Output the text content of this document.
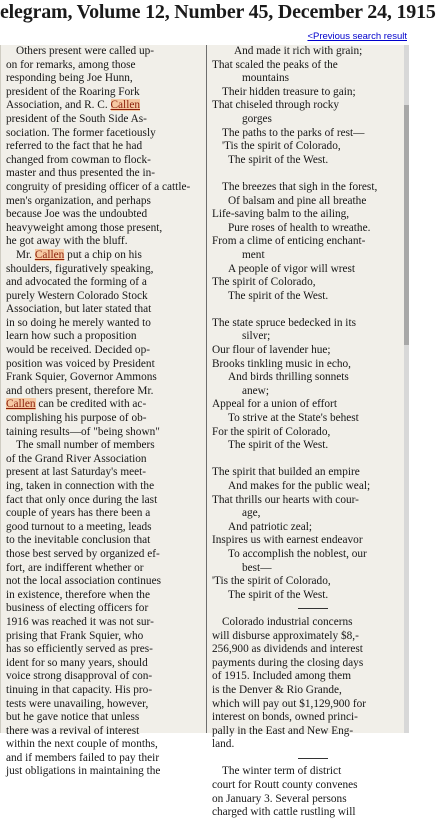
elegram, Volume 12, Number 45, December 24, 1915
<Previous search result
Others present were called up-
on for remarks, among those
responding being Joe Hunn,
president of the Roaring Fork
Association, and R. C. Callen
president of the South Side As-
sociation. The former facetiously
referred to the fact that he had
changed from cowman to flock-
master and thus presented the in-
congruity of presiding officer of a cattle-
men's organization, and perhaps
because Joe was the undoubted
heavyweight among those present,
he got away with the bluff.
Mr. Callen put a chip on his
shoulders, figuratively speaking,
and advocated the forming of a
purely Western Colorado Stock
Association, but later stated that
in so doing he merely wanted to
learn how such a proposition
would be received. Decided op-
position was voiced by President
Frank Squier, Governor Ammons
and others present, therefore Mr.
Callen can be credited with ac-
complishing his purpose of ob-
taining results—of "being shown"
The small number of members
of the Grand River Association
present at last Saturday's meet-
ing, taken in connection with the
fact that only once during the last
couple of years has there been a
good turnout to a meeting, leads
to the inevitable conclusion that
those best served by organized ef-
fort, are indifferent whether or
not the local association continues
in existence, therefore when the
business of electing officers for
1916 was reached it was not sur-
prising that Frank Squier, who
has so efficiently served as pres-
ident for so many years, should
voice strong disapproval of con-
tinuing in that capacity. His pro-
tests were unavailing, however,
but he gave notice that unless
there was a revival of interest
within the next couple of months,
and if members failed to pay their
just obligations in maintaining the
And made it rich with grain;
That scaled the peaks of the
mountains
Their hidden treasure to gain;
That chiseled through rocky
gorges
The paths to the parks of rest—
'Tis the spirit of Colorado,
The spirit of the West.

The breezes that sigh in the forest,
Of balsam and pine all breathe
Life-saving balm to the ailing,
Pure roses of health to wreathe.
From a clime of enticing enchant-
ment
A people of vigor will wrest
The spirit of Colorado,
The spirit of the West.

The state spruce bedecked in its
silver;
Our flour of lavender hue;
Brooks tinkling music in echo,
And birds thrilling sonnets
anew;
Appeal for a union of effort
To strive at the State's behest
For the spirit of Colorado,
The spirit of the West.

The spirit that builded an empire
And makes for the public weal;
That thrills our hearts with cour-
age,
And patriotic zeal;
Inspires us with earnest endeavor
To accomplish the noblest, our
best—
'Tis the spirit of Colorado,
The spirit of the West.
Colorado industrial concerns
will disburse approximately $8,-
256,900 as dividends and interest
payments during the closing days
of 1915. Included among them
is the Denver & Rio Grande,
which will pay out $1,129,900 for
interest on bonds, owned princi-
pally in the East and New Eng-
land.
The winter term of district
court for Routt county convenes
on January 3. Several persons
charged with cattle rustling will
